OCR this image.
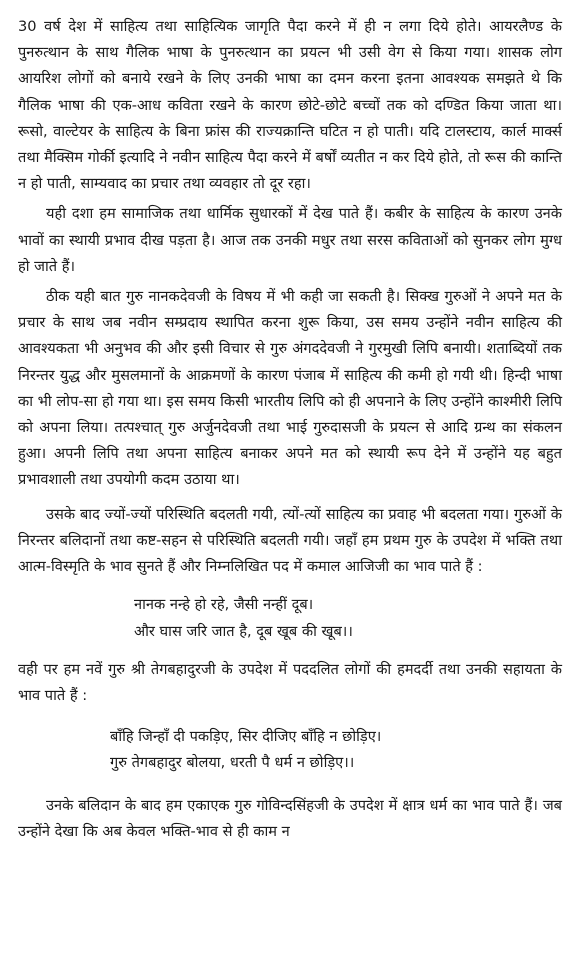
30 वर्ष देश में साहित्य तथा साहित्यिक जागृति पैदा करने में ही न लगा दिये होते। आयरलैण्ड के पुनरुत्थान के साथ गैलिक भाषा के पुनरुत्थान का प्रयत्न भी उसी वेग से किया गया। शासक लोग आयरिश लोगों को बनाये रखने के लिए उनकी भाषा का दमन करना इतना आवश्यक समझते थे कि गैलिक भाषा की एक-आध कविता रखने के कारण छोटे-छोटे बच्चों तक को दण्डित किया जाता था। रूसो, वाल्टेयर के साहित्य के बिना फ्रांस की राज्यक्रान्ति घटित न हो पाती। यदि टालस्टाय, कार्ल मार्क्स तथा मैक्सिम गोर्की इत्यादि ने नवीन साहित्य पैदा करने में बर्षों व्यतीत न कर दिये होते, तो रूस की कान्ति न हो पाती, साम्यवाद का प्रचार तथा व्यवहार तो दूर रहा।

यही दशा हम सामाजिक तथा धार्मिक सुधारकों में देख पाते हैं। कबीर के साहित्य के कारण उनके भावों का स्थायी प्रभाव दीख पड़ता है। आज तक उनकी मधुर तथा सरस कविताओं को सुनकर लोग मुग्ध हो जाते हैं।

ठीक यही बात गुरु नानकदेवजी के विषय में भी कही जा सकती है। सिक्ख गुरुओं ने अपने मत के प्रचार के साथ जब नवीन सम्प्रदाय स्थापित करना शुरू किया, उस समय उन्होंने नवीन साहित्य की आवश्यकता भी अनुभव की और इसी विचार से गुरु अंगददेवजी ने गुरमुखी लिपि बनायी। शताब्दियों तक निरन्तर युद्ध और मुसलमानों के आक्रमणों के कारण पंजाब में साहित्य की कमी हो गयी थी। हिन्दी भाषा का भी लोप-सा हो गया था। इस समय किसी भारतीय लिपि को ही अपनाने के लिए उन्होंने काश्मीरी लिपि को अपना लिया। तत्पश्चात् गुरु अर्जुनदेवजी तथा भाई गुरुदासजी के प्रयत्न से आदि ग्रन्थ का संकलन हुआ। अपनी लिपि तथा अपना साहित्य बनाकर अपने मत को स्थायी रूप देने में उन्होंने यह बहुत प्रभावशाली तथा उपयोगी कदम उठाया था।

उसके बाद ज्यों-ज्यों परिस्थिति बदलती गयी, त्यों-त्यों साहित्य का प्रवाह भी बदलता गया। गुरुओं के निरन्तर बलिदानों तथा कष्ट-सहन से परिस्थिति बदलती गयी। जहाँ हम प्रथम गुरु के उपदेश में भक्ति तथा आत्म-विस्मृति के भाव सुनते हैं और निम्नलिखित पद में कमाल आजिजी का भाव पाते हैं :

नानक नन्हे हो रहे, जैसी नन्हीं दूब।
और घास जरि जात है, दूब खूब की खूब।।

वही पर हम नवें गुरु श्री तेगबहादुरजी के उपदेश में पददलित लोगों की हमदर्दी तथा उनकी सहायता के भाव पाते हैं :

बाँहि जिन्हाँ दी पकड़िए, सिर दीजिए बाँहि न छोड़िए।
गुरु तेगबहादुर बोलया, धरती पै धर्म न छोड़िए।।

उनके बलिदान के बाद हम एकाएक गुरु गोविन्दसिंहजी के उपदेश में क्षात्र धर्म का भाव पाते हैं। जब उन्होंने देखा कि अब केवल भक्ति-भाव से ही काम न
